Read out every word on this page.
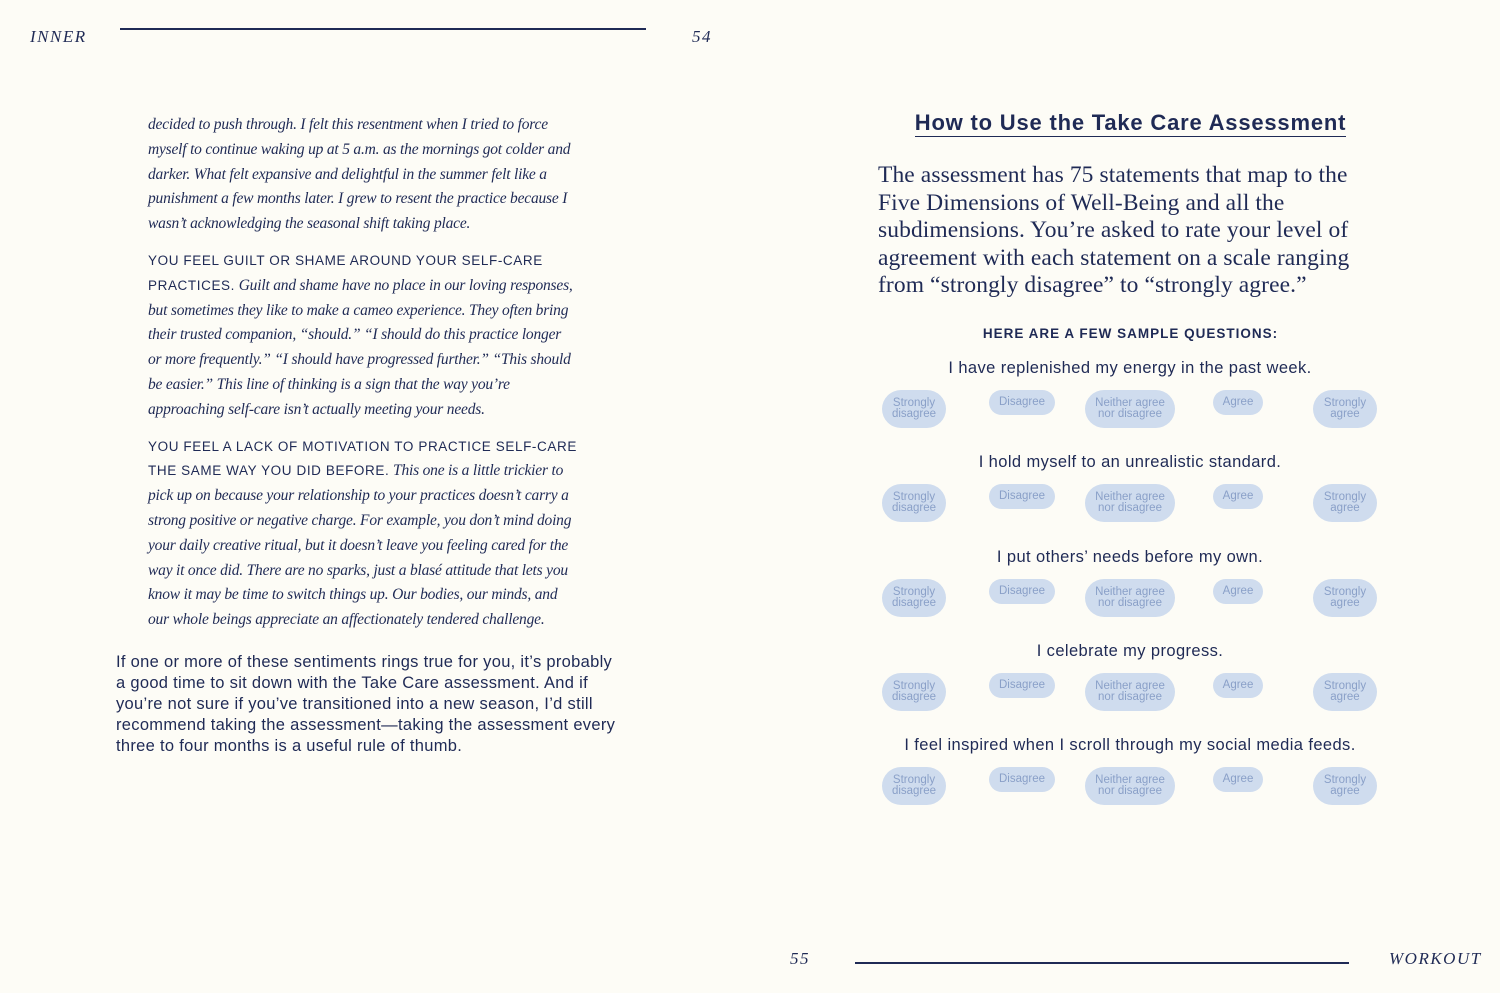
INNER	54
55	WORKOUT

decided to push through. I felt this resentment when I tried to force myself to continue waking up at 5 a.m. as the mornings got colder and darker. What felt expansive and delightful in the summer felt like a punishment a few months later. I grew to resent the practice because I wasn’t acknowledging the seasonal shift taking place.

YOU FEEL GUILT OR SHAME AROUND YOUR SELF-CARE PRACTICES. Guilt and shame have no place in our loving responses, but sometimes they like to make a cameo experience. They often bring their trusted companion, “should.” “I should do this practice longer or more frequently.” “I should have progressed further.” “This should be easier.” This line of thinking is a sign that the way you’re approaching self-care isn’t actually meeting your needs.

YOU FEEL A LACK OF MOTIVATION TO PRACTICE SELF-CARE THE SAME WAY YOU DID BEFORE. This one is a little trickier to pick up on because your relationship to your practices doesn’t carry a strong positive or negative charge. For example, you don’t mind doing your daily creative ritual, but it doesn’t leave you feeling cared for the way it once did. There are no sparks, just a blasé attitude that lets you know it may be time to switch things up. Our bodies, our minds, and our whole beings appreciate an affectionately tendered challenge.

If one or more of these sentiments rings true for you, it’s probably a good time to sit down with the Take Care assessment. And if you’re not sure if you’ve transitioned into a new season, I’d still recommend taking the assessment—taking the assessment every three to four months is a useful rule of thumb.

How to Use the Take Care Assessment

The assessment has 75 statements that map to the Five Dimensions of Well-Being and all the subdimensions. You’re asked to rate your level of agreement with each statement on a scale ranging from “strongly disagree” to “strongly agree.”

HERE ARE A FEW SAMPLE QUESTIONS:

I have replenished my energy in the past week.

Strongly
disagree
Disagree	Neither agree
nor disagree
Agree	Strongly
agree

I hold myself to an unrealistic standard.

Strongly
disagree
Disagree	Neither agree
nor disagree
Agree	Strongly
agree

I put others’ needs before my own.

Strongly
disagree
Disagree	Neither agree
nor disagree
Agree	Strongly
agree

I celebrate my progress.

Strongly
disagree
Disagree	Neither agree
nor disagree
Agree	Strongly
agree

I feel inspired when I scroll through my social media feeds.

Strongly
disagree
Disagree	Neither agree
nor disagree
Agree	Strongly
agree
